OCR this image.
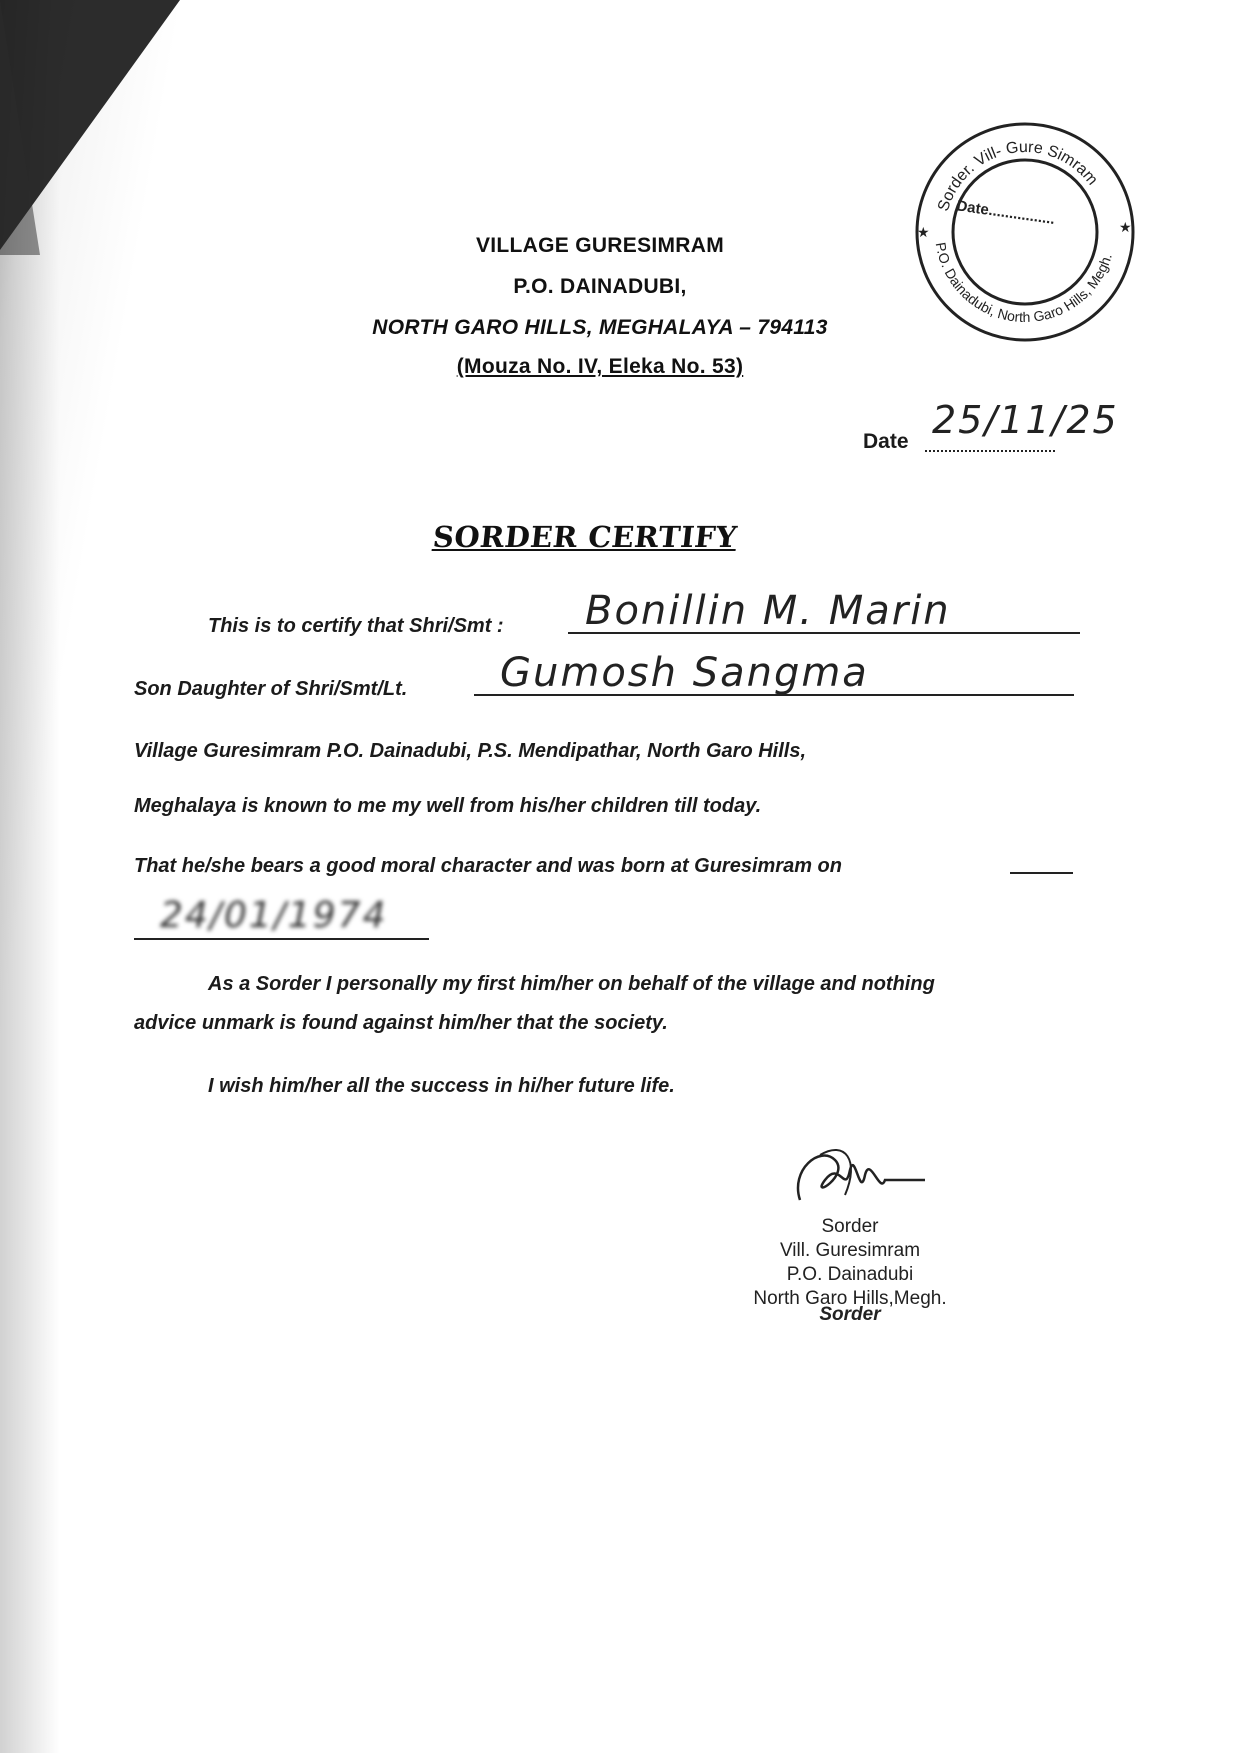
VILLAGE GURESIMRAM
P.O. DAINADUBI,
NORTH GARO HILLS, MEGHALAYA – 794113
(Mouza No. IV, Eleka No. 53)
Sorder. Vill- Gure Simram
P.O. Dainadubi, North Garo Hills, Megh.
Date................
★	★
Date 25/11/25
SORDER CERTIFY
This is to certify that Shri/Smt : Bonillin M. Marin
Son Daughter of Shri/Smt/Lt. Gumosh Sangma
Village Guresimram P.O. Dainadubi, P.S. Mendipathar, North Garo Hills,
Meghalaya is known to me my well from his/her children till today.
That he/she bears a good moral character and was born at Guresimram on
24/01/1974
As a Sorder I personally my first him/her on behalf of the village and nothing
advice unmark is found against him/her that the society.
I wish him/her all the success in hi/her future life.
Sorder
Vill. Guresimram
P.O. Dainadubi
North Garo Hills,Megh.
Sorder
